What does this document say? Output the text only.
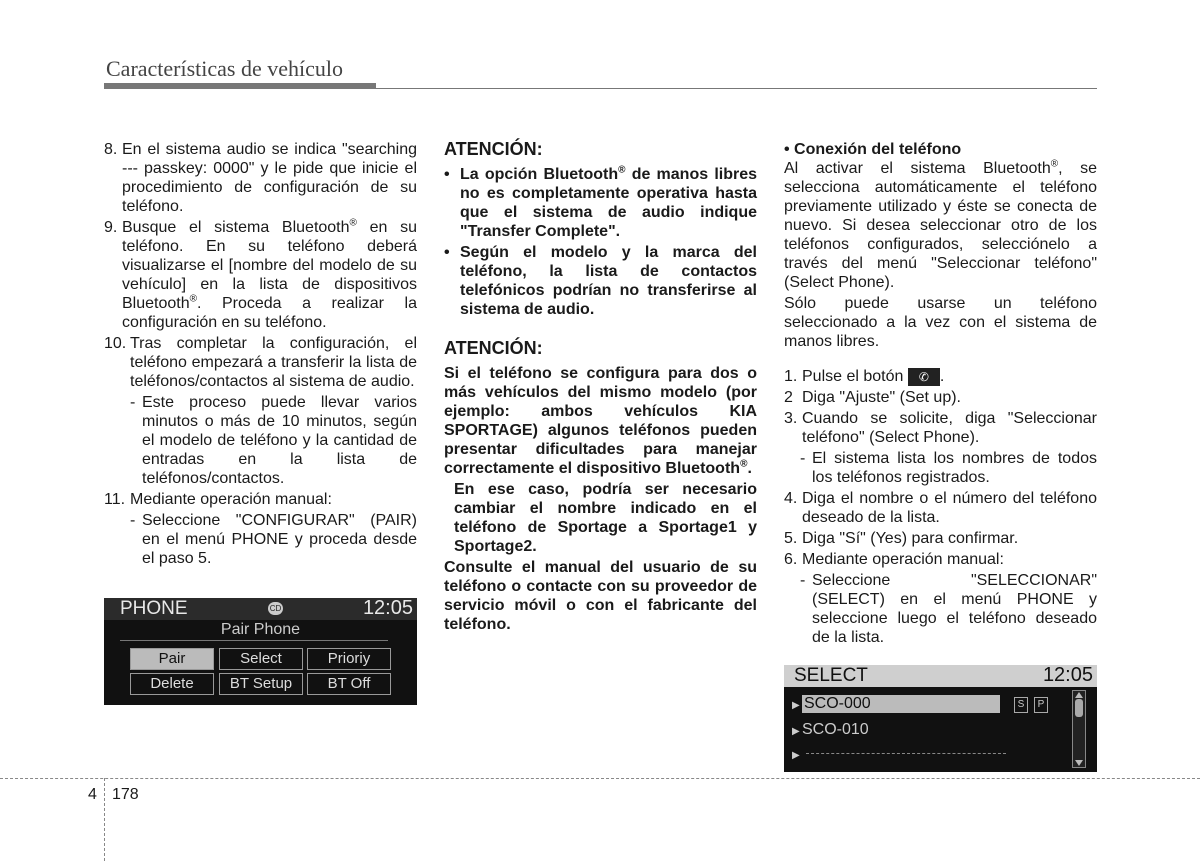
Características de vehículo
8. En el sistema audio se indica "searching --- passkey: 0000" y le pide que inicie el procedimiento de configuración de su teléfono.
9. Busque el sistema Bluetooth® en su teléfono. En su teléfono deberá visualizarse el [nombre del modelo de su vehículo] en la lista de dispositivos Bluetooth®. Proceda a realizar la configuración en su teléfono.
10. Tras completar la configuración, el teléfono empezará a transferir la lista de teléfonos/contactos al sistema de audio.
- Este proceso puede llevar varios minutos o más de 10 minutos, según el modelo de teléfono y la cantidad de entradas en la lista de teléfonos/contactos.
11. Mediante operación manual:
- Seleccione "CONFIGURAR" (PAIR) en el menú PHONE y proceda desde el paso 5.
PHONE	CD	12:05
Pair Phone
Pair	Select	Prioriy
Delete	BT Setup	BT Off
ATENCIÓN:
• La opción Bluetooth® de manos libres no es completamente operativa hasta que el sistema de audio indique "Transfer Complete".
• Según el modelo y la marca del teléfono, la lista de contactos telefónicos podrían no transferirse al sistema de audio.
ATENCIÓN:
Si el teléfono se configura para dos o más vehículos del mismo modelo (por ejemplo: ambos vehículos KIA SPORTAGE) algunos teléfonos pueden presentar dificultades para manejar correctamente el dispositivo Bluetooth®.
En ese caso, podría ser necesario cambiar el nombre indicado en el teléfono de Sportage a Sportage1 y Sportage2.
Consulte el manual del usuario de su teléfono o contacte con su proveedor de servicio móvil o con el fabricante del teléfono.
• Conexión del teléfono
Al activar el sistema Bluetooth®, se selecciona automáticamente el teléfono previamente utilizado y éste se conecta de nuevo. Si desea seleccionar otro de los teléfonos configurados, selecciónelo a través del menú "Seleccionar teléfono" (Select Phone).
Sólo puede usarse un teléfono seleccionado a la vez con el sistema de manos libres.
1. Pulse el botón ✆ .
2 Diga "Ajuste" (Set up).
3. Cuando se solicite, diga "Seleccionar teléfono" (Select Phone).
- El sistema lista los nombres de todos los teléfonos registrados.
4. Diga el nombre o el número del teléfono deseado de la lista.
5. Diga "Sí" (Yes) para confirmar.
6. Mediante operación manual:
- Seleccione "SELECCIONAR" (SELECT) en el menú PHONE y seleccione luego el teléfono deseado de la lista.
SELECT	12:05
▶ SCO-000	S	P
▶ SCO-010
▶
4 178
